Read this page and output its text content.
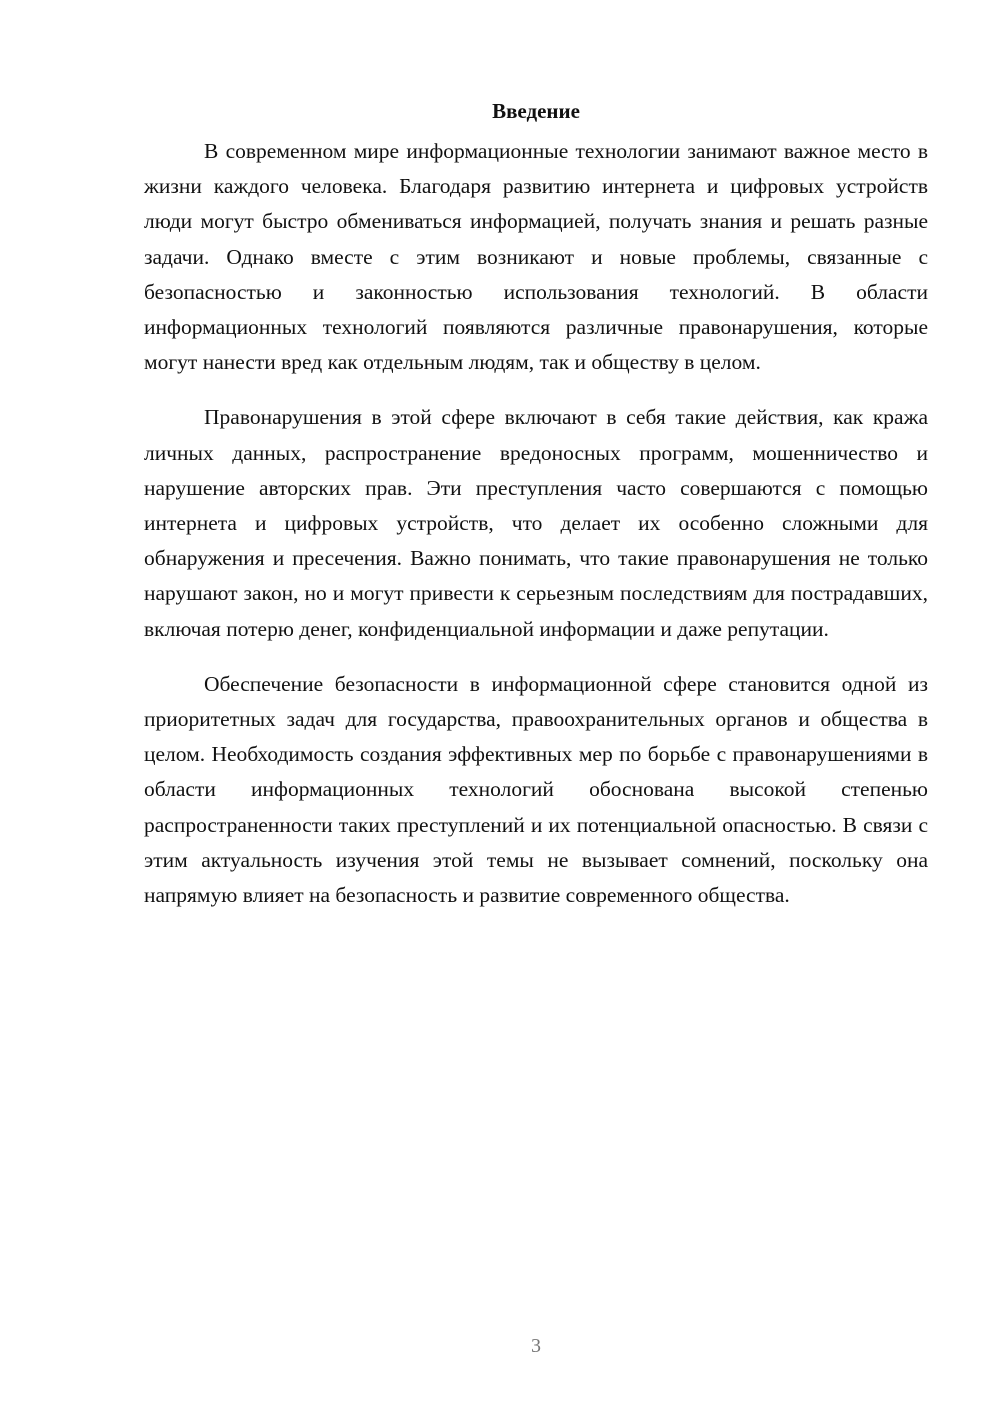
Введение

В современном мире информационные технологии занимают важное место в жизни каждого человека. Благодаря развитию интернета и цифровых устройств люди могут быстро обмениваться информацией, получать знания и решать разные задачи. Однако вместе с этим возникают и новые проблемы, связанные с безопасностью и законностью использования технологий. В области информационных технологий появляются различные правонарушения, которые могут нанести вред как отдельным людям, так и обществу в целом.

Правонарушения в этой сфере включают в себя такие действия, как кража личных данных, распространение вредоносных программ, мошенничество и нарушение авторских прав. Эти преступления часто совершаются с помощью интернета и цифровых устройств, что делает их особенно сложными для обнаружения и пресечения. Важно понимать, что такие правонарушения не только нарушают закон, но и могут привести к серьезным последствиям для пострадавших, включая потерю денег, конфиденциальной информации и даже репутации.

Обеспечение безопасности в информационной сфере становится одной из приоритетных задач для государства, правоохранительных органов и общества в целом. Необходимость создания эффективных мер по борьбе с правонарушениями в области информационных технологий обоснована высокой степенью распространенности таких преступлений и их потенциальной опасностью. В связи с этим актуальность изучения этой темы не вызывает сомнений, поскольку она напрямую влияет на безопасность и развитие современного общества.

3
